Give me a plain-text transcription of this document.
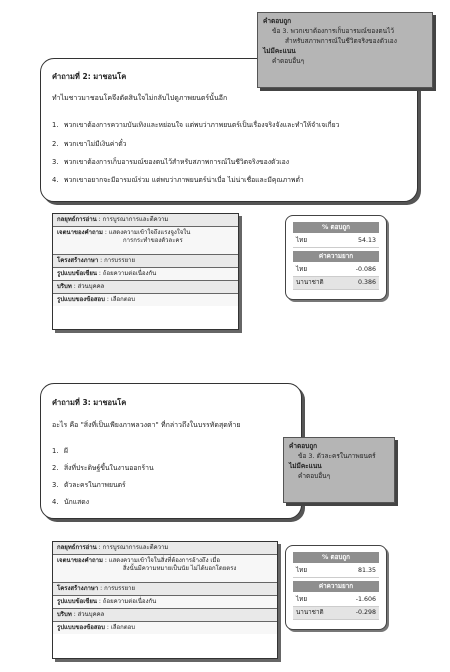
คำตอบถูก
ข้อ 3. พวกเขาต้องการเก็บอารมณ์ของตนไว้
สำหรับสภาพการณ์ในชีวิตจริงของตัวเอง
ไม่มีคะแนน
คำตอบอื่นๆ
คำถามที่ 2: มาชอนโค
ทำไมชาวมาชอนโคจึงตัดสินใจไม่กลับไปดูภาพยนตร์นั้นอีก
1. พวกเขาต้องการความบันเทิงและหย่อนใจ แต่พบว่าภาพยนตร์เป็นเรื่องจริงจังและทำให้จำเจเกี่ยว
2. พวกเขาไม่มีเงินค่าตั๋ว
3. พวกเขาต้องการเก็บอารมณ์ของตนไว้สำหรับสภาพการณ์ในชีวิตจริงของตัวเอง
4. พวกเขาอยากจะมีอารมณ์ร่วม แต่พบว่าภาพยนตร์น่าเบื่อ ไม่น่าเชื่อและมีคุณภาพต่ำ
กลยุทธ์การอ่าน : การบูรณาการและตีความ
เจตนาของคำถาม : แสดงความเข้าใจถึงแรงจูงใจใน
การกระทำของตัวละคร
โครงสร้างภาษา : การบรรยาย
รูปแบบข้อเขียน : ถ้อยความต่อเนื่องกัน
บริบท : ส่วนบุคคล
รูปแบบของข้อสอบ : เลือกตอบ
% ตอบถูก
ไทย	54.13
ค่าความยาก
ไทย	-0.086
นานาชาติ	0.386
คำถามที่ 3: มาชอนโค
อะไร คือ "สิ่งที่เป็นเพียงภาพลวงตา" ที่กล่าวถึงในบรรทัดสุดท้าย
1. ผี
2. สิ่งที่ประดิษฐ์ขึ้นในงานออกร้าน
3. ตัวละครในภาพยนตร์
4. นักแสดง
คำตอบถูก
ข้อ 3. ตัวละครในภาพยนตร์
ไม่มีคะแนน
คำตอบอื่นๆ
กลยุทธ์การอ่าน : การบูรณาการและตีความ
เจตนาของคำถาม : แสดงความเข้าใจในสิ่งที่ต้องการอ้างถึง เมื่อ
สิ่งนั้นมีความหมายเป็นนัย ไม่ได้บอกโดยตรง
โครงสร้างภาษา : การบรรยาย
รูปแบบข้อเขียน : ถ้อยความต่อเนื่องกัน
บริบท : ส่วนบุคคล
รูปแบบของข้อสอบ : เลือกตอบ
% ตอบถูก
ไทย	81.35
ค่าความยาก
ไทย	-1.606
นานาชาติ	-0.298
